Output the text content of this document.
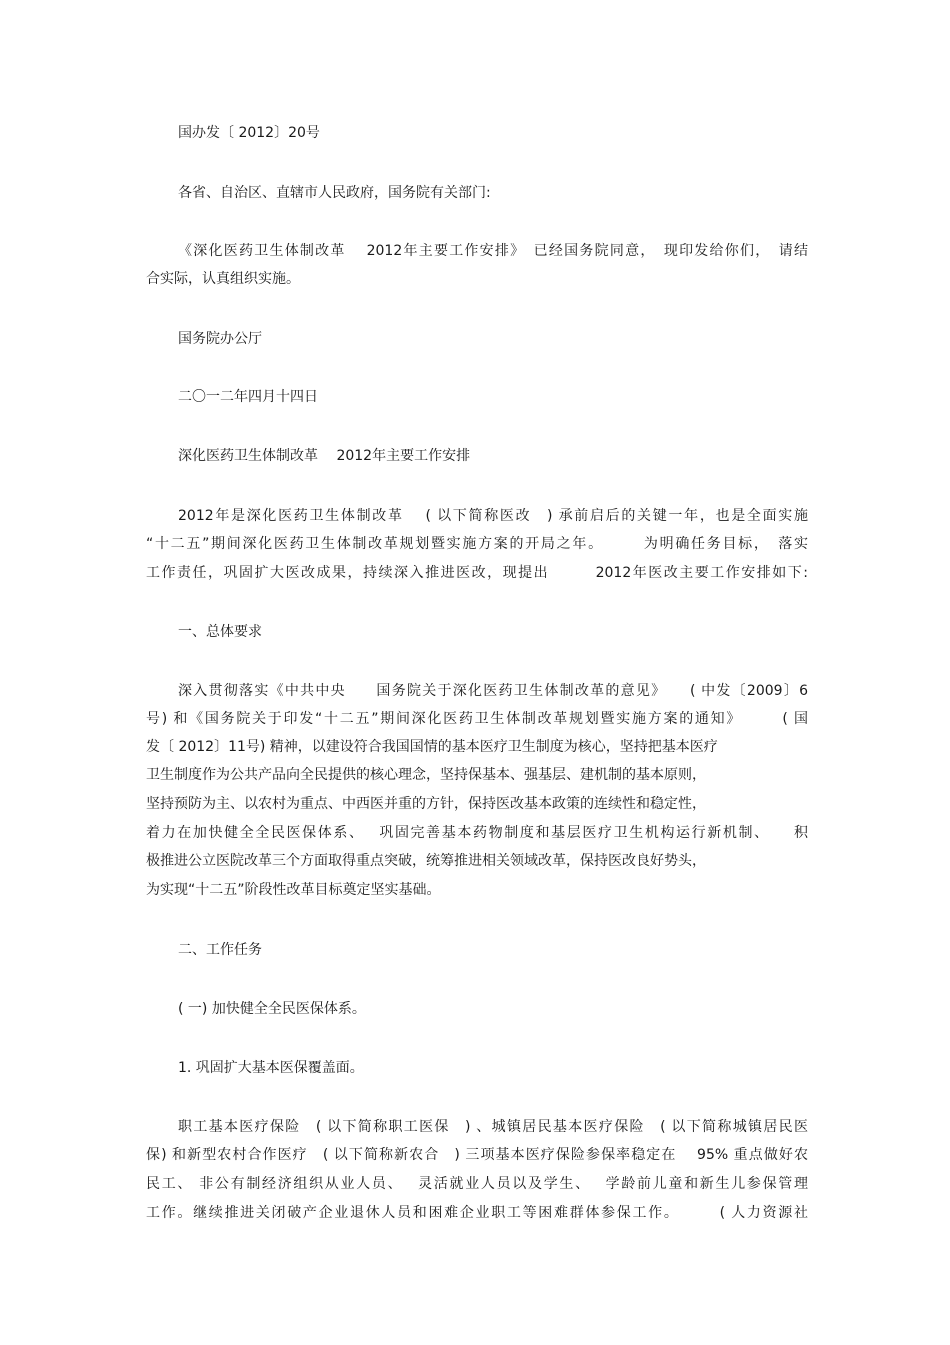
国办发〔 2012〕20号

各省、自治区、直辖市人民政府，国务院有关部门:

《深化医药卫生体制改革　 2012年主要工作安排》　已经国务院同意，　现印发给你们，　请结

合实际，认真组织实施。

国务院办公厅

二〇一二年四月十四日

深化医药卫生体制改革　 2012年主要工作安排

2012年是深化医药卫生体制改革　 ( 以下简称医改　) 承前启后的关键一年，也是全面实施

“十二五”期间深化医药卫生体制改革规划暨实施方案的开局之年。　　　为明确任务目标，　落实

工作责任，巩固扩大医改成果，持续深入推进医改，现提出　　　2012年医改主要工作安排如下:

一、总体要求

深入贯彻落实《中共中央　　国务院关于深化医药卫生体制改革的意见》　　( 中发〔2009〕6

号) 和《国务院关于印发“十二五”期间深化医药卫生体制改革规划暨实施方案的通知》　　　( 国

发〔 2012〕11号) 精神，以建设符合我国国情的基本医疗卫生制度为核心，坚持把基本医疗

卫生制度作为公共产品向全民提供的核心理念，坚持保基本、强基层、建机制的基本原则，

坚持预防为主、以农村为重点、中西医并重的方针，保持医改基本政策的连续性和稳定性，

着力在加快健全全民医保体系、　 巩固完善基本药物制度和基层医疗卫生机构运行新机制、　　积

极推进公立医院改革三个方面取得重点突破，统筹推进相关领域改革，保持医改良好势头，

为实现“十二五”阶段性改革目标奠定坚实基础。

二、工作任务

( 一) 加快健全全民医保体系。

1. 巩固扩大基本医保覆盖面。

职工基本医疗保险　( 以下简称职工医保　) 、城镇居民基本医疗保险　( 以下简称城镇居民医

保) 和新型农村合作医疗　( 以下简称新农合　) 三项基本医疗保险参保率稳定在　 95% 重点做好农

民工、 非公有制经济组织从业人员、　 灵活就业人员以及学生、　 学龄前儿童和新生儿参保管理

工作。继续推进关闭破产企业退休人员和困难企业职工等困难群体参保工作。　　　( 人力资源社
